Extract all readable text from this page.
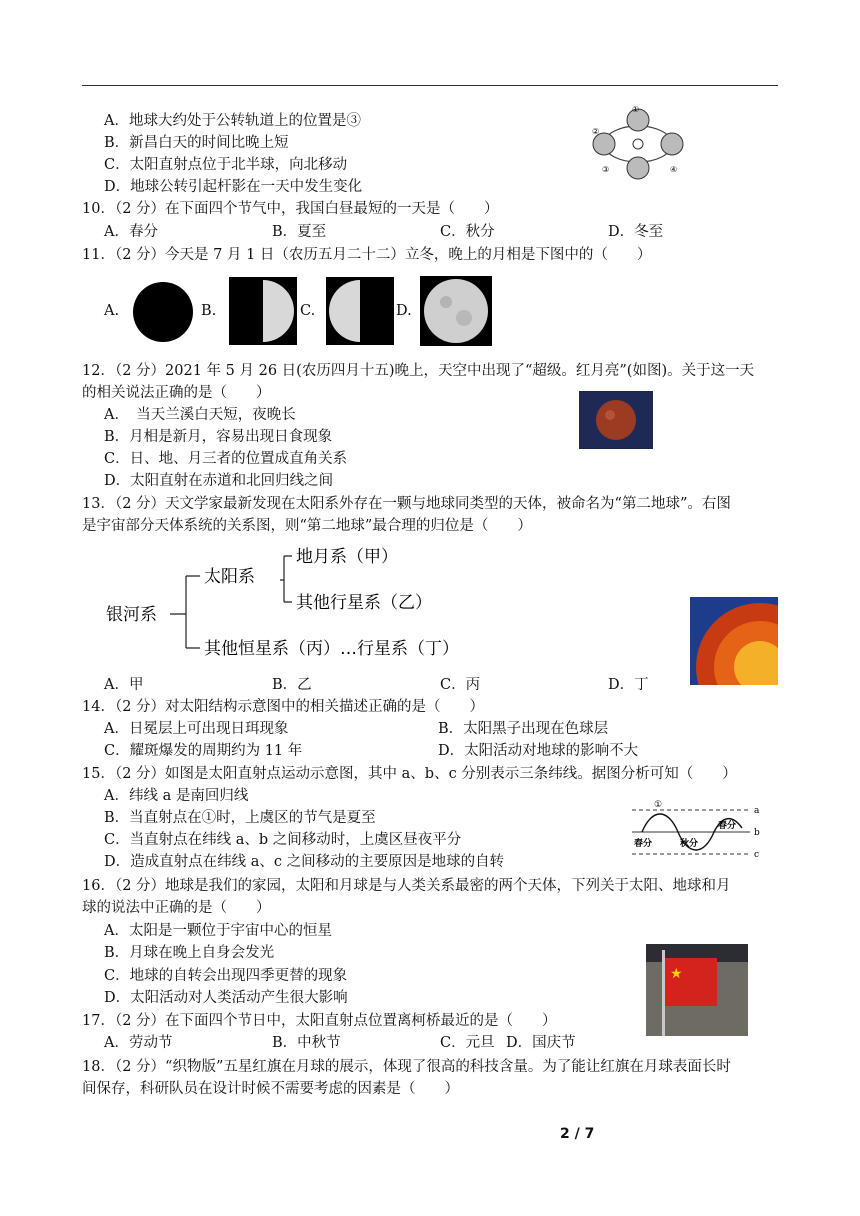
A．地球大约处于公转轨道上的位置是③
B．新昌白天的时间比晚上短
C．太阳直射点位于北半球，向北移动
D．地球公转引起杆影在一天中发生变化
①
②
③	④
10．（2 分）在下面四个节气中，我国白昼最短的一天是（　　）
A．春分	B．夏至	C．秋分	D．冬至
11．（2 分）今天是 7 月 1 日（农历五月二十二）立冬，晚上的月相是下图中的（　　）
A.	B.	C.	D.
12．（2 分）2021 年 5 月 26 日(农历四月十五)晚上，天空中出现了“超级。红月亮”(如图)。关于这一天
的相关说法正确的是（　　）
A．　当天兰溪白天短，夜晚长
B．月相是新月，容易出现日食现象
C．日、地、月三者的位置成直角关系
D．太阳直射在赤道和北回归线之间
13．（2 分）天文学家最新发现在太阳系外存在一颗与地球同类型的天体，被命名为“第二地球”。右图
是宇宙部分天体系统的关系图，则“第二地球”最合理的归位是（　　）
银河系
太阳系
地月系（甲）
其他行星系（乙）
其他恒星系（丙）…行星系（丁）
A．甲	B．乙	C．丙	D．丁
14．（2 分）对太阳结构示意图中的相关描述正确的是（　　）
A．日冕层上可出现日珥现象	B．太阳黑子出现在色球层
C．耀斑爆发的周期约为 11 年	D．太阳活动对地球的影响不大
15．（2 分）如图是太阳直射点运动示意图，其中 a、b、c 分别表示三条纬线。据图分析可知（　　）
A．纬线 a 是南回归线
B．当直射点在①时，上虞区的节气是夏至
C．当直射点在纬线 a、b 之间移动时，上虞区昼夜平分
D．造成直射点在纬线 a、c 之间移动的主要原因是地球的自转
①
a
b
c
春分	秋分
春分
16．（2 分）地球是我们的家园，太阳和月球是与人类关系最密的两个天体，下列关于太阳、地球和月
球的说法中正确的是（　　）
A．太阳是一颗位于宇宙中心的恒星
B．月球在晚上自身会发光
C．地球的自转会出现四季更替的现象
D．太阳活动对人类活动产生很大影响
★
17．（2 分）在下面四个节日中，太阳直射点位置离柯桥最近的是（　　）
A．劳动节	B．中秋节	C．元旦 D．国庆节
18．（2 分）“织物版”五星红旗在月球的展示，体现了很高的科技含量。为了能让红旗在月球表面长时
间保存，科研队员在设计时候不需要考虑的因素是（　　）
2 / 7
